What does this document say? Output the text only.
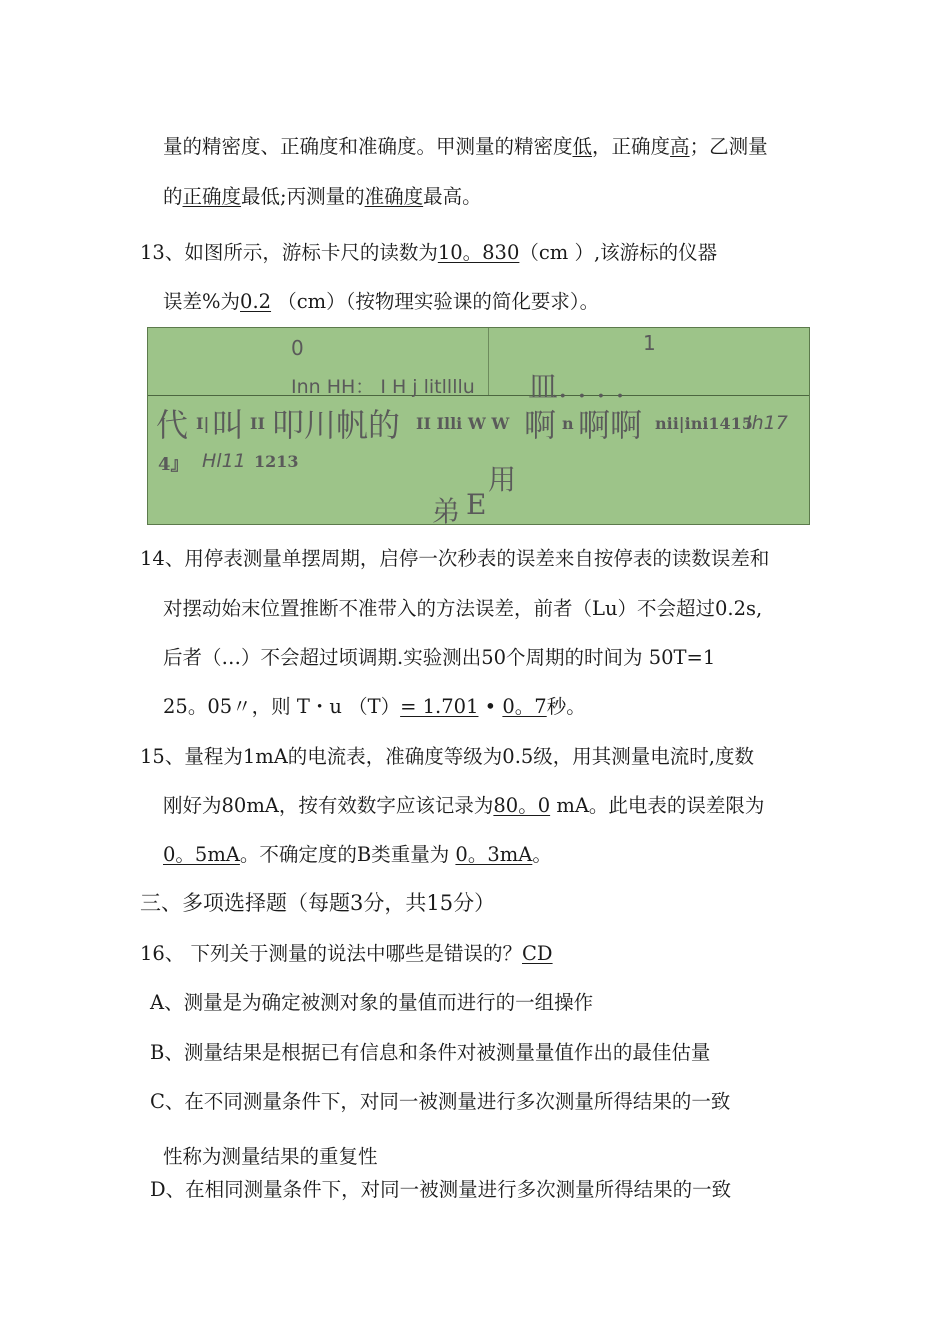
量的精密度、正确度和准确度。甲测量的精密度低，正确度高；乙测量
的正确度最低;丙测量的准确度最高。
13、如图所示，游标卡尺的读数为10。830（cm ）,该游标的仪器
误差%为0.2 （cm）（按物理实验课的简化要求）。
0	1
Inn HH： I H j litllllu 皿. . . .
代 I| 叫 II 叩川帆的 II Illi W W 啊 n 啊啊 nii|ini1415
Ih17
4』 Hl11 1213
弟 E
用
14、用停表测量单摆周期，启停一次秒表的误差来自按停表的读数误差和
对摆动始末位置推断不准带入的方法误差，前者（Lu）不会超过0.2s,
后者（…）不会超过顷调期.实验测出50个周期的时间为 50T=1
25。05〃，则 T・u （T）= 1.701 • 0。7秒。
15、量程为1mA的电流表，准确度等级为0.5级，用其测量电流时,度数
刚好为80mA，按有效数字应该记录为80。0 mA。此电表的误差限为
0。5mA。不确定度的B类重量为 0。3mA。
三、多项选择题（每题3分，共15分）
16、 下列关于测量的说法中哪些是错误的？CD
A、测量是为确定被测对象的量值而进行的一组操作
B、测量结果是根据已有信息和条件对被测量量值作出的最佳估量
C、在不同测量条件下，对同一被测量进行多次测量所得结果的一致
性称为测量结果的重复性
D、在相同测量条件下，对同一被测量进行多次测量所得结果的一致
